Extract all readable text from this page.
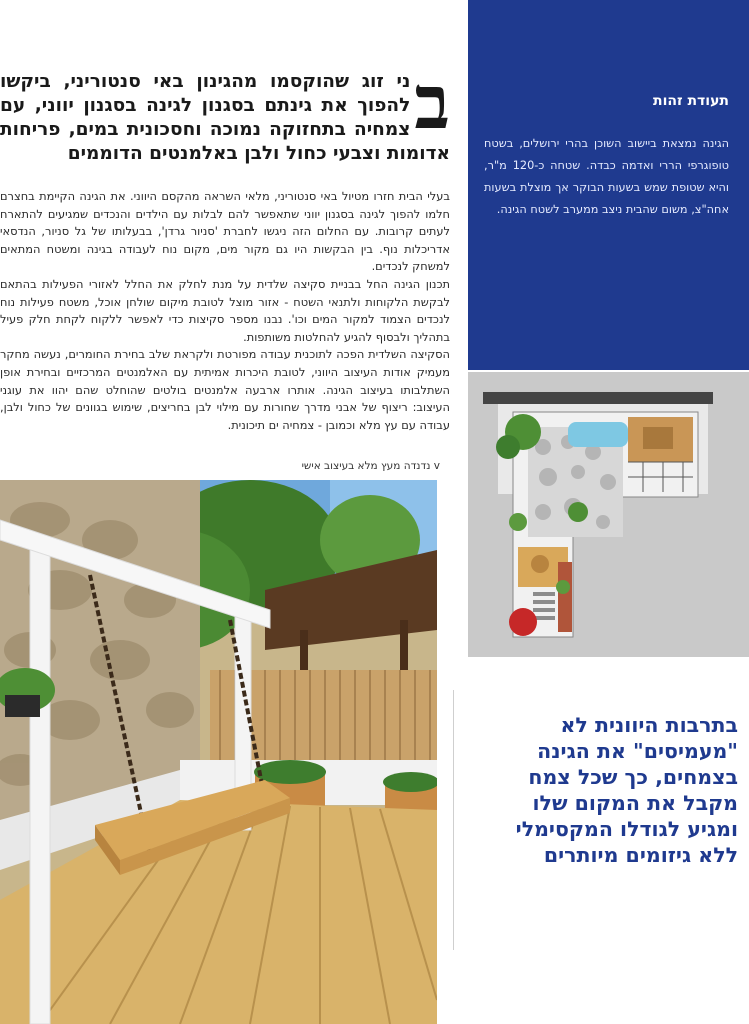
ב
ני זוג שהוקסמו מהגינון באי סנטוריני, ביקשו להפוך את גינתם בסגנון לגינה בסגנון יווני, עם צמחיה בתחזוקה נמוכה וחסכונית במים, פריחות אדומות וצבעי כחול ולבן באלמנטים הדוממים

בעלי הבית חזרו מטיול באי סנטוריני, מלאי השראה מהקסם היווני. את הגינה הקיימת בחצרם חלמו להפוך לגינה בסגנון יווני שתאפשר להם לבלות עם הילדים והנכדים שמגיעים להתארח לעתים קרובות. עם החלום הזה ניגשו לחברת 'סניור גרדן', בבעלותו של גל סניור, הנדסאי אדריכלות נוף. בין הבקשות היו גם מקור מים, מקום נוח לעבודה בגינה ומשטח המתאים למשחק לנכדים.

תכנון הגינה החל בבניית סקיצה שלדית על מנת לחלק את החלל לאזורי הפעילות בהתאם לבקשת הלקוחות ולתנאי השטח - אזור מוצל לטובת מיקום שולחן אוכל, משטח פעילות נוח לנכדים הצמוד למקור המים וכו'. נבנו מספר סקיצות כדי לאפשר ללקוח לקחת חלק פעיל בתהליך ולבסוף להגיע להחלטות משותפות.

הסקיצה השלדית הפכה לתוכנית עבודה מפורטת ולקראת שלב בחירת החומרים, נעשה מחקר מעמיק אודות העיצוב היווני, לטובת היכרות אמיתית עם האלמנטים המרכזיים ובחירת אופן השתלבותו בעיצוב הגינה. אותרו ארבעה אלמנטים בולטים שהוחלט שהם יהוו את עוגני העיצוב: ריצוף של אבני מדרך שחורות עם מילוי לבן בחריצים, שימוש בגוונים של כחול ולבן, עבודה עם עץ מלא וכמובן - צמחיה ים תיכונית.

v נדנדה מעץ מלא בעיצוב אישי
תעודת זהות
הגינה נמצאת ביישוב השוכן בהרי ירושלים, בשטח טופוגרפי הררי ואדמה כבדה. שטחה כ-120 מ"ר, והיא שטופת שמש בשעות הבוקר אך מוצלת בשעות אחה"צ, משום שהבית ניצב ממערב לשטח הגינה.
בתרבות היוונית לא
"מעמיסים" את הגינה
בצמחים, כך שכל צמח
מקבל את המקום שלו
ומגיע לגודלו המקסימלי
ללא גיזומים מיותרים
